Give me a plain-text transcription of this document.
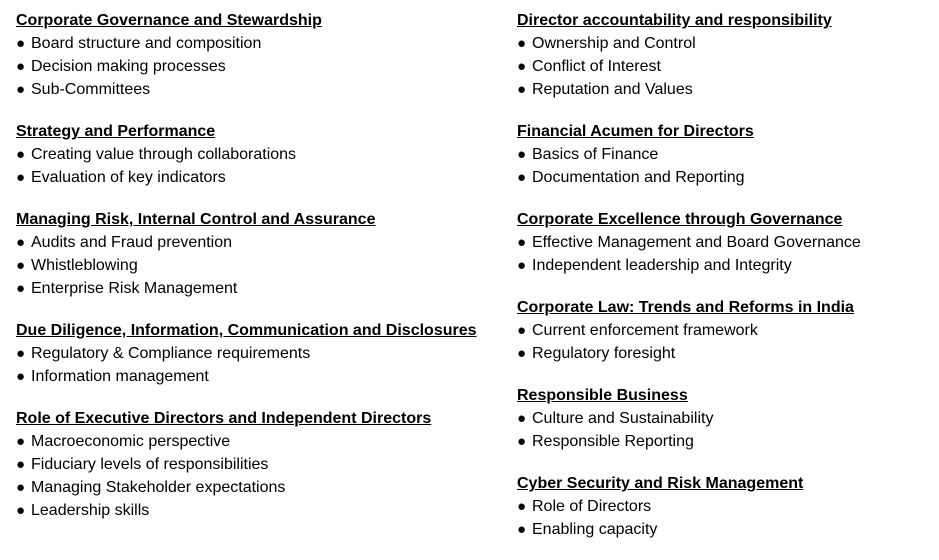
Corporate Governance and Stewardship
● Board structure and composition
● Decision making processes
● Sub-Committees
Strategy and Performance
● Creating value through collaborations
● Evaluation of key indicators
Managing Risk, Internal Control and Assurance
● Audits and Fraud prevention
● Whistleblowing
● Enterprise Risk Management
Due Diligence, Information, Communication and Disclosures
● Regulatory & Compliance requirements
● Information management
Role of Executive Directors and Independent Directors
● Macroeconomic perspective
● Fiduciary levels of responsibilities
● Managing Stakeholder expectations
● Leadership skills
Director accountability and responsibility
● Ownership and Control
● Conflict of Interest
● Reputation and Values
Financial Acumen for Directors
● Basics of Finance
● Documentation and Reporting
Corporate Excellence through Governance
● Effective Management and Board Governance
● Independent leadership and Integrity
Corporate Law: Trends and Reforms in India
● Current enforcement framework
● Regulatory foresight
Responsible Business
● Culture and Sustainability
● Responsible Reporting
Cyber Security and Risk Management
● Role of Directors
● Enabling capacity
